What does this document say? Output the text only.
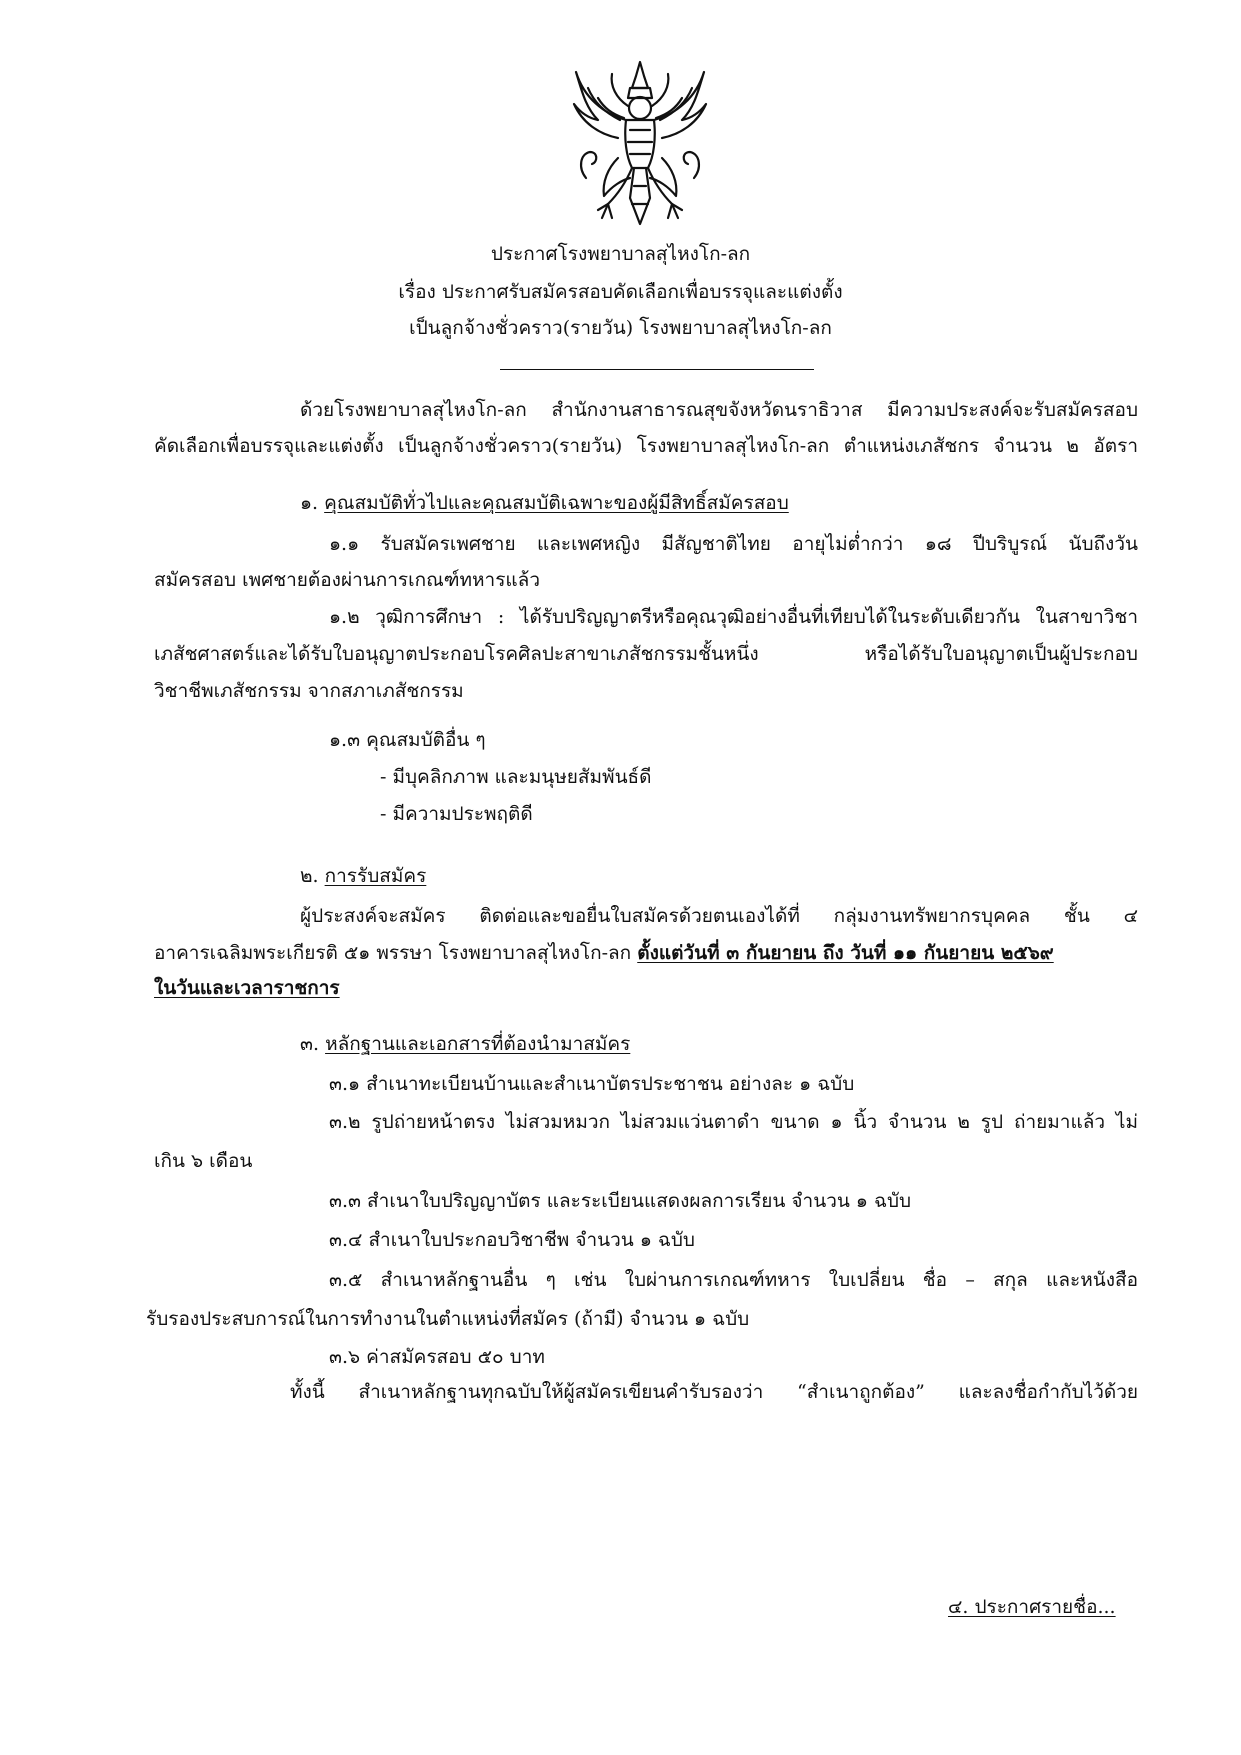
ประกาศโรงพยาบาลสุไหงโก-ลก
เรื่อง ประกาศรับสมัครสอบคัดเลือกเพื่อบรรจุและแต่งตั้ง
เป็นลูกจ้างชั่วคราว(รายวัน) โรงพยาบาลสุไหงโก-ลก
ด้วยโรงพยาบาลสุไหงโก-ลก สำนักงานสาธารณสุขจังหวัดนราธิวาส มีความประสงค์จะรับสมัครสอบ
คัดเลือกเพื่อบรรจุและแต่งตั้ง เป็นลูกจ้างชั่วคราว(รายวัน) โรงพยาบาลสุไหงโก-ลก ตำแหน่งเภสัชกร จำนวน ๒ อัตรา
๑. คุณสมบัติทั่วไปและคุณสมบัติเฉพาะของผู้มีสิทธิ์สมัครสอบ
๑.๑ รับสมัครเพศชาย และเพศหญิง มีสัญชาติไทย อายุไม่ต่ำกว่า ๑๘ ปีบริบูรณ์ นับถึงวัน
สมัครสอบ เพศชายต้องผ่านการเกณฑ์ทหารแล้ว
๑.๒ วุฒิการศึกษา : ได้รับปริญญาตรีหรือคุณวุฒิอย่างอื่นที่เทียบได้ในระดับเดียวกัน ในสาขาวิชา
เภสัชศาสตร์และได้รับใบอนุญาตประกอบโรคศิลปะสาขาเภสัชกรรมชั้นหนึ่ง หรือได้รับใบอนุญาตเป็นผู้ประกอบ
วิชาชีพเภสัชกรรม จากสภาเภสัชกรรม
๑.๓ คุณสมบัติอื่น ๆ
- มีบุคลิกภาพ และมนุษยสัมพันธ์ดี
- มีความประพฤติดี
๒. การรับสมัคร
ผู้ประสงค์จะสมัคร ติดต่อและขอยื่นใบสมัครด้วยตนเองได้ที่ กลุ่มงานทรัพยากรบุคคล ชั้น ๔
อาคารเฉลิมพระเกียรติ ๕๑ พรรษา โรงพยาบาลสุไหงโก-ลก ตั้งแต่วันที่ ๓ กันยายน ถึง วันที่ ๑๑ กันยายน ๒๕๖๙
ในวันและเวลาราชการ
๓. หลักฐานและเอกสารที่ต้องนำมาสมัคร
๓.๑ สำเนาทะเบียนบ้านและสำเนาบัตรประชาชน อย่างละ ๑ ฉบับ
๓.๒ รูปถ่ายหน้าตรง ไม่สวมหมวก ไม่สวมแว่นตาดำ ขนาด ๑ นิ้ว จำนวน ๒ รูป ถ่ายมาแล้ว ไม่
เกิน ๖ เดือน
๓.๓ สำเนาใบปริญญาบัตร และระเบียนแสดงผลการเรียน จำนวน ๑ ฉบับ
๓.๔ สำเนาใบประกอบวิชาชีพ จำนวน ๑ ฉบับ
๓.๕ สำเนาหลักฐานอื่น ๆ เช่น ใบผ่านการเกณฑ์ทหาร ใบเปลี่ยน ชื่อ – สกุล และหนังสือ
รับรองประสบการณ์ในการทำงานในตำแหน่งที่สมัคร (ถ้ามี) จำนวน ๑ ฉบับ
๓.๖ ค่าสมัครสอบ ๕๐ บาท
ทั้งนี้ สำเนาหลักฐานทุกฉบับให้ผู้สมัครเขียนคำรับรองว่า “สำเนาถูกต้อง” และลงชื่อกำกับไว้ด้วย
๔. ประกาศรายชื่อ...
